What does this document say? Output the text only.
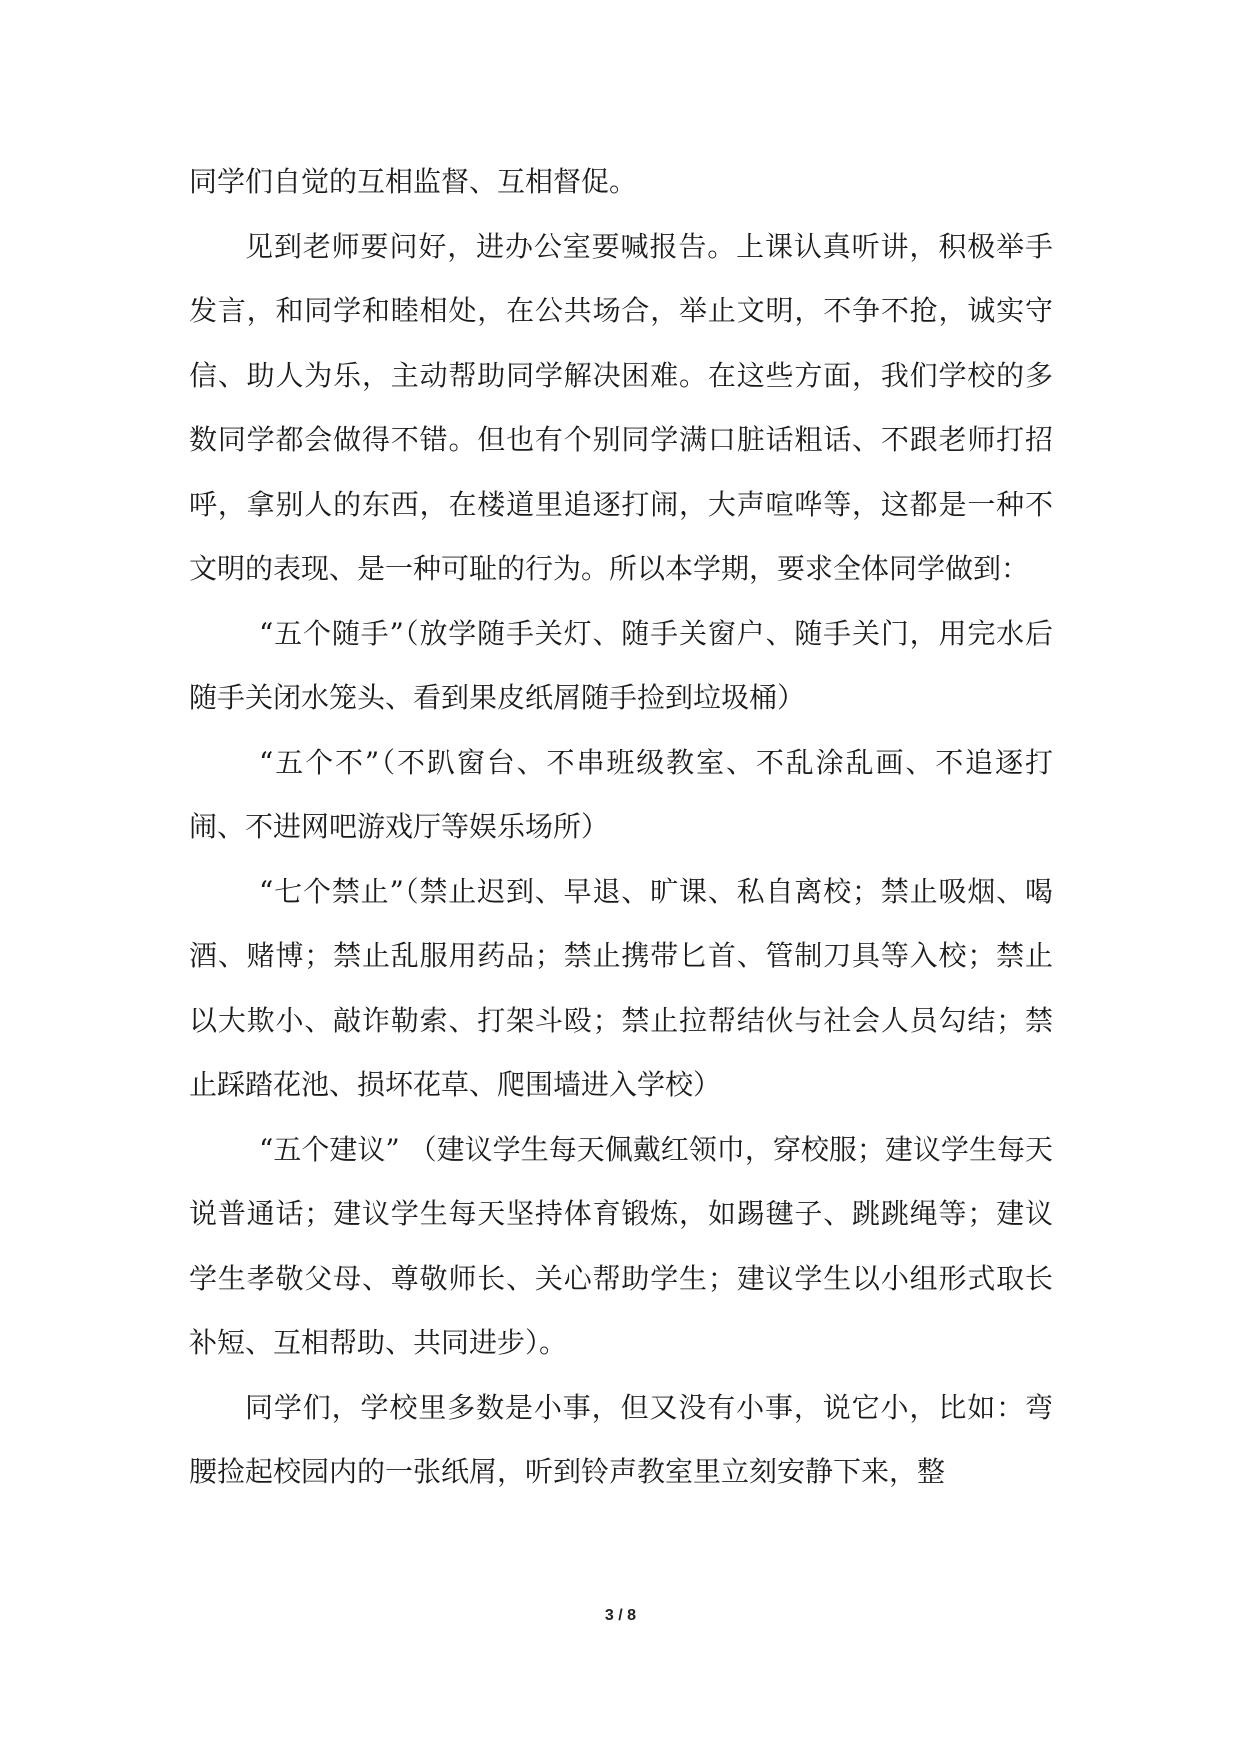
同学们自觉的互相监督、互相督促。

见到老师要问好，进办公室要喊报告。上课认真听讲，积极举手发言，和同学和睦相处，在公共场合，举止文明，不争不抢，诚实守信、助人为乐，主动帮助同学解决困难。在这些方面，我们学校的多数同学都会做得不错。但也有个别同学满口脏话粗话、不跟老师打招呼，拿别人的东西，在楼道里追逐打闹，大声喧哗等，这都是一种不文明的表现、是一种可耻的行为。所以本学期，要求全体同学做到：

“五个随手”（放学随手关灯、随手关窗户、随手关门，用完水后随手关闭水笼头、看到果皮纸屑随手捡到垃圾桶）

“五个不”（不趴窗台、不串班级教室、不乱涂乱画、不追逐打闹、不进网吧游戏厅等娱乐场所）

“七个禁止”（禁止迟到、早退、旷课、私自离校；禁止吸烟、喝酒、赌博；禁止乱服用药品；禁止携带匕首、管制刀具等入校；禁止以大欺小、敲诈勒索、打架斗殴；禁止拉帮结伙与社会人员勾结；禁止踩踏花池、损坏花草、爬围墙进入学校）

“五个建议” （建议学生每天佩戴红领巾，穿校服；建议学生每天说普通话；建议学生每天坚持体育锻炼，如踢毽子、跳跳绳等；建议学生孝敬父母、尊敬师长、关心帮助学生；建议学生以小组形式取长补短、互相帮助、共同进步）。

同学们，学校里多数是小事，但又没有小事，说它小，比如：弯腰捡起校园内的一张纸屑，听到铃声教室里立刻安静下来，整

3 / 8
